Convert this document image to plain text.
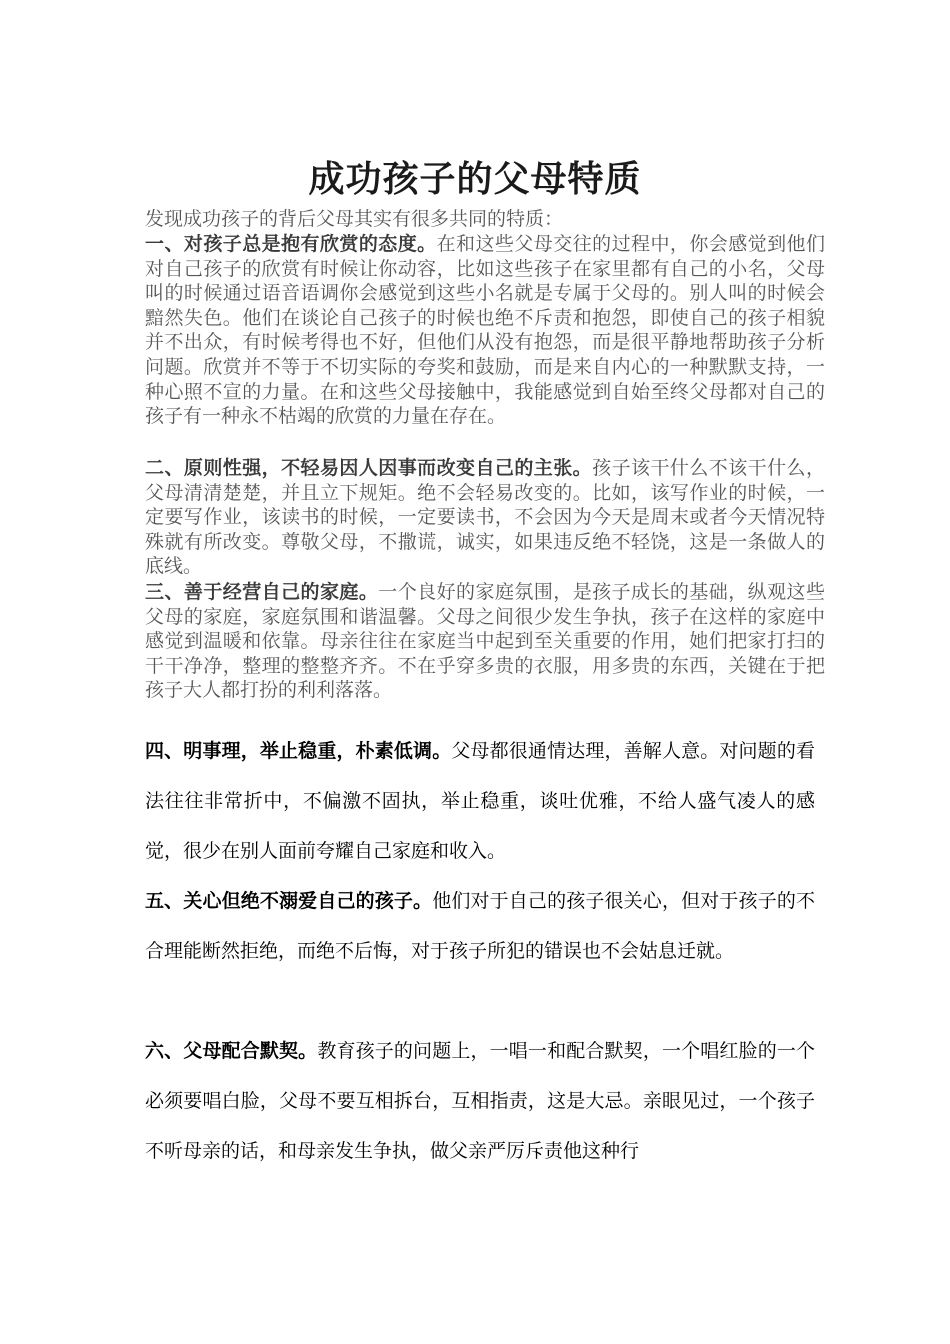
成功孩子的父母特质

发现成功孩子的背后父母其实有很多共同的特质：

一、对孩子总是抱有欣赏的态度。在和这些父母交往的过程中，你会感觉到他们对自己孩子的欣赏有时候让你动容，比如这些孩子在家里都有自己的小名，父母叫的时候通过语音语调你会感觉到这些小名就是专属于父母的。别人叫的时候会黯然失色。他们在谈论自己孩子的时候也绝不斥责和抱怨，即使自己的孩子相貌并不出众，有时候考得也不好，但他们从没有抱怨，而是很平静地帮助孩子分析问题。欣赏并不等于不切实际的夸奖和鼓励，而是来自内心的一种默默支持，一种心照不宣的力量。在和这些父母接触中，我能感觉到自始至终父母都对自己的孩子有一种永不枯竭的欣赏的力量在存在。

二、原则性强，不轻易因人因事而改变自己的主张。孩子该干什么不该干什么，父母清清楚楚，并且立下规矩。绝不会轻易改变的。比如，该写作业的时候，一定要写作业，该读书的时候，一定要读书，不会因为今天是周末或者今天情况特殊就有所改变。尊敬父母，不撒谎，诚实，如果违反绝不轻饶，这是一条做人的底线。

三、善于经营自己的家庭。一个良好的家庭氛围，是孩子成长的基础，纵观这些父母的家庭，家庭氛围和谐温馨。父母之间很少发生争执，孩子在这样的家庭中感觉到温暖和依靠。母亲往往在家庭当中起到至关重要的作用，她们把家打扫的干干净净，整理的整整齐齐。不在乎穿多贵的衣服，用多贵的东西，关键在于把孩子大人都打扮的利利落落。

四、明事理，举止稳重，朴素低调。父母都很通情达理，善解人意。对问题的看法往往非常折中，不偏激不固执，举止稳重，谈吐优雅，不给人盛气凌人的感觉，很少在别人面前夸耀自己家庭和收入。

五、关心但绝不溺爱自己的孩子。他们对于自己的孩子很关心，但对于孩子的不合理能断然拒绝，而绝不后悔，对于孩子所犯的错误也不会姑息迁就。

六、父母配合默契。教育孩子的问题上，一唱一和配合默契，一个唱红脸的一个必须要唱白脸，父母不要互相拆台，互相指责，这是大忌。亲眼见过，一个孩子不听母亲的话，和母亲发生争执，做父亲严厉斥责他这种行
